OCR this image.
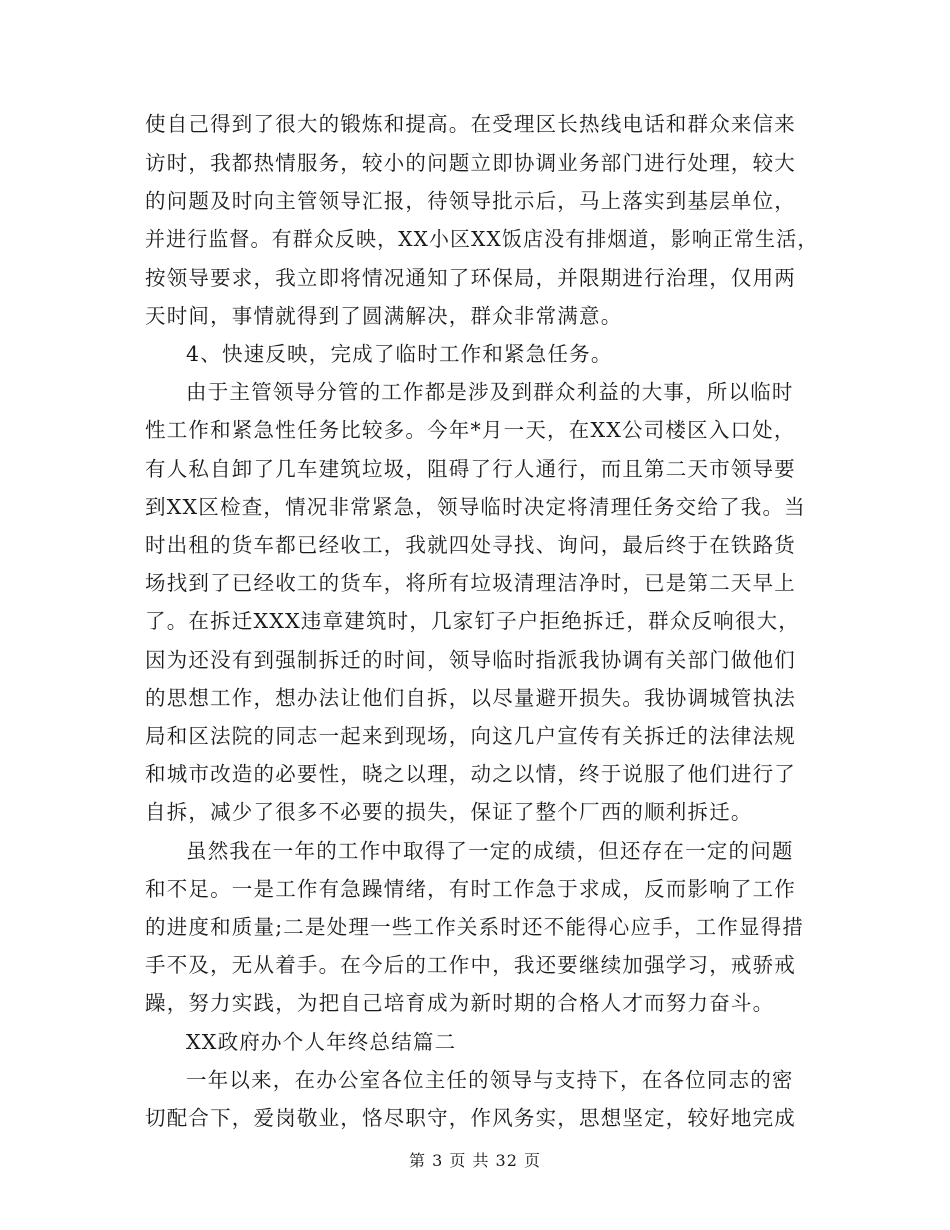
使自己得到了很大的锻炼和提高。在受理区长热线电话和群众来信来
访时，我都热情服务，较小的问题立即协调业务部门进行处理，较大
的问题及时向主管领导汇报，待领导批示后，马上落实到基层单位，
并进行监督。有群众反映，XX小区XX饭店没有排烟道，影响正常生活，
按领导要求，我立即将情况通知了环保局，并限期进行治理，仅用两
天时间，事情就得到了圆满解决，群众非常满意。
4、快速反映，完成了临时工作和紧急任务。
由于主管领导分管的工作都是涉及到群众利益的大事，所以临时
性工作和紧急性任务比较多。今年*月一天，在XX公司楼区入口处，
有人私自卸了几车建筑垃圾，阻碍了行人通行，而且第二天市领导要
到XX区检查，情况非常紧急，领导临时决定将清理任务交给了我。当
时出租的货车都已经收工，我就四处寻找、询问，最后终于在铁路货
场找到了已经收工的货车，将所有垃圾清理洁净时，已是第二天早上
了。在拆迁XXX违章建筑时，几家钉子户拒绝拆迁，群众反响很大，
因为还没有到强制拆迁的时间，领导临时指派我协调有关部门做他们
的思想工作，想办法让他们自拆，以尽量避开损失。我协调城管执法
局和区法院的同志一起来到现场，向这几户宣传有关拆迁的法律法规
和城市改造的必要性，晓之以理，动之以情，终于说服了他们进行了
自拆，减少了很多不必要的损失，保证了整个厂西的顺利拆迁。
虽然我在一年的工作中取得了一定的成绩，但还存在一定的问题
和不足。一是工作有急躁情绪，有时工作急于求成，反而影响了工作
的进度和质量;二是处理一些工作关系时还不能得心应手，工作显得措
手不及，无从着手。在今后的工作中，我还要继续加强学习，戒骄戒
躁，努力实践，为把自己培育成为新时期的合格人才而努力奋斗。
XX政府办个人年终总结篇二
一年以来，在办公室各位主任的领导与支持下，在各位同志的密
切配合下，爱岗敬业，恪尽职守，作风务实，思想坚定，较好地完成
第 3 页 共 32 页
